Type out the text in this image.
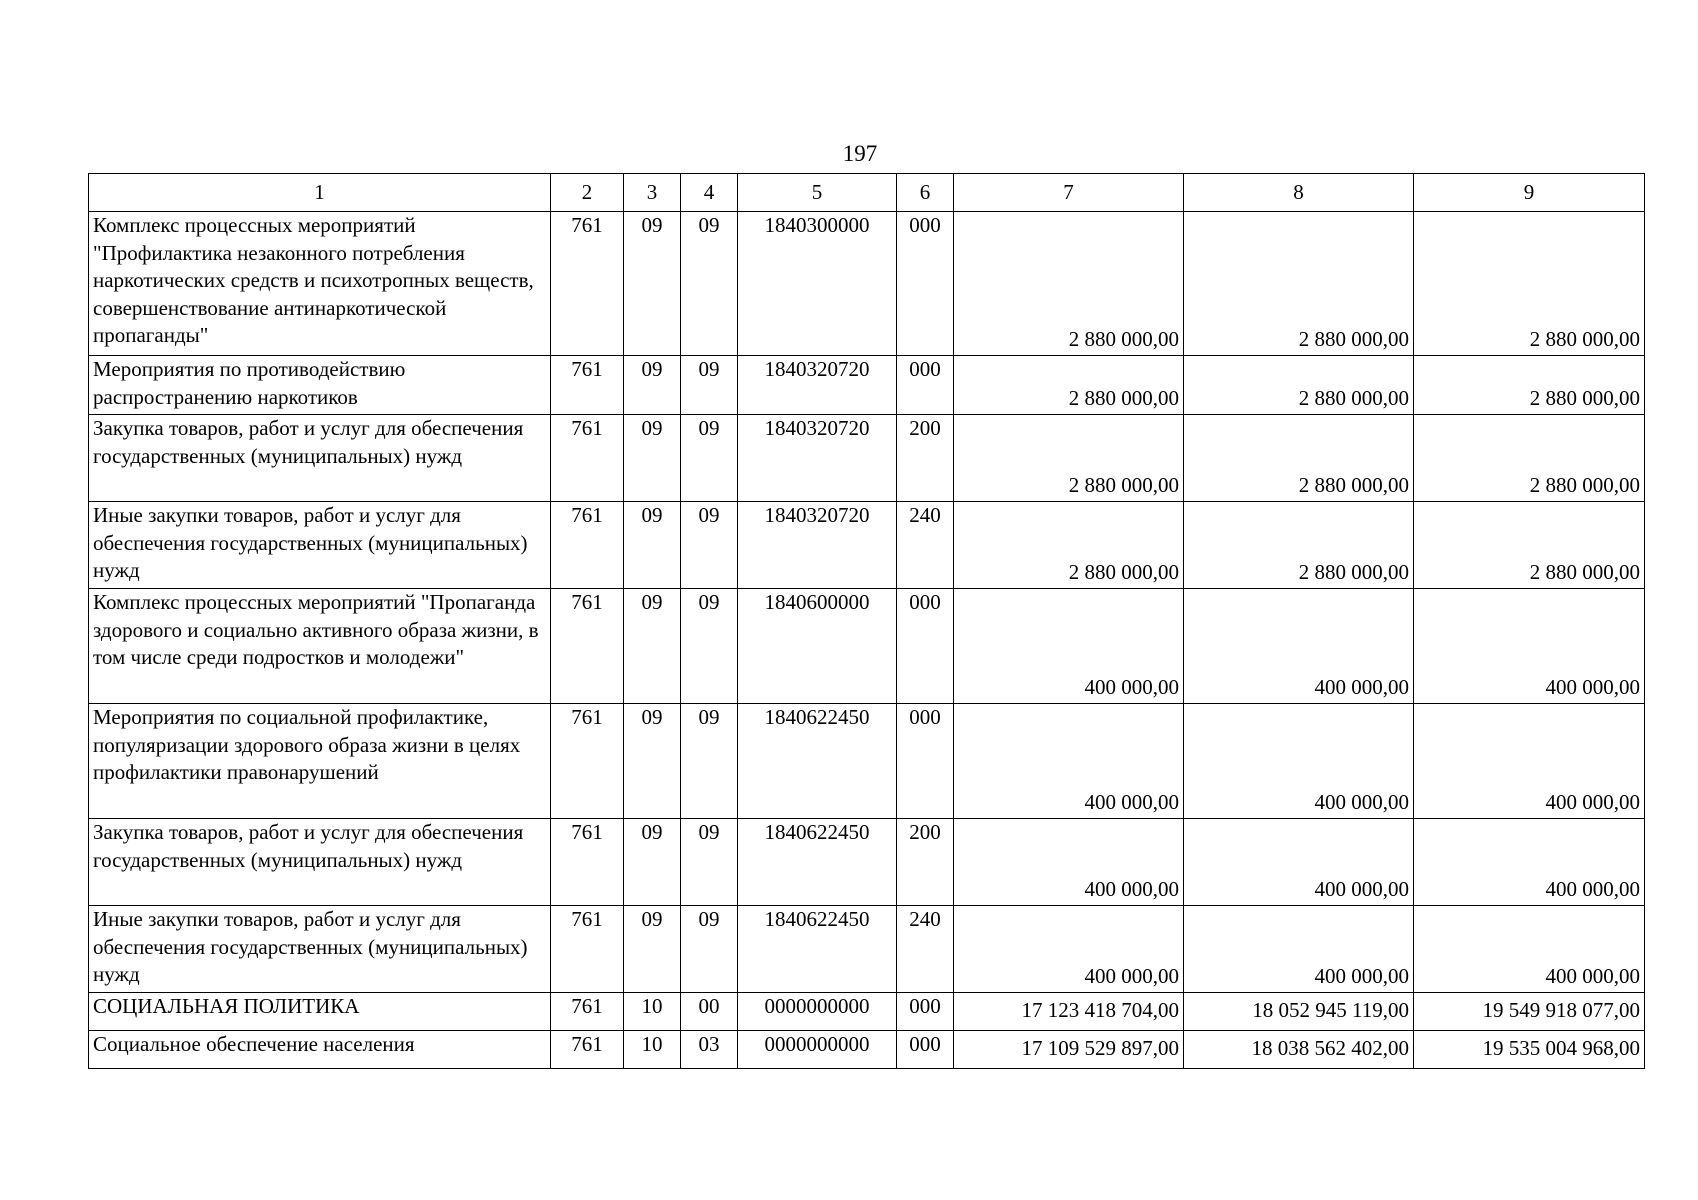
197
1	2	3	4	5	6	7	8	9
Комплекс процессных мероприятий "Профилактика незаконного потребления наркотических средств и психотропных веществ, совершенствование антинаркотической пропаганды"	761	09	09	1840300000	000	2 880 000,00	2 880 000,00	2 880 000,00
Мероприятия по противодействию распространению наркотиков	761	09	09	1840320720	000	2 880 000,00	2 880 000,00	2 880 000,00
Закупка товаров, работ и услуг для обеспечения государственных (муниципальных) нужд	761	09	09	1840320720	200	2 880 000,00	2 880 000,00	2 880 000,00
Иные закупки товаров, работ и услуг для обеспечения государственных (муниципальных) нужд	761	09	09	1840320720	240	2 880 000,00	2 880 000,00	2 880 000,00
Комплекс процессных мероприятий "Пропаганда здорового и социально активного образа жизни, в том числе среди подростков и молодежи"	761	09	09	1840600000	000	400 000,00	400 000,00	400 000,00
Мероприятия по социальной профилактике, популяризации здорового образа жизни в целях профилактики правонарушений	761	09	09	1840622450	000	400 000,00	400 000,00	400 000,00
Закупка товаров, работ и услуг для обеспечения государственных (муниципальных) нужд	761	09	09	1840622450	200	400 000,00	400 000,00	400 000,00
Иные закупки товаров, работ и услуг для обеспечения государственных (муниципальных) нужд	761	09	09	1840622450	240	400 000,00	400 000,00	400 000,00
СОЦИАЛЬНАЯ ПОЛИТИКА	761	10	00	0000000000	000	17 123 418 704,00	18 052 945 119,00	19 549 918 077,00
Социальное обеспечение населения	761	10	03	0000000000	000	17 109 529 897,00	18 038 562 402,00	19 535 004 968,00
